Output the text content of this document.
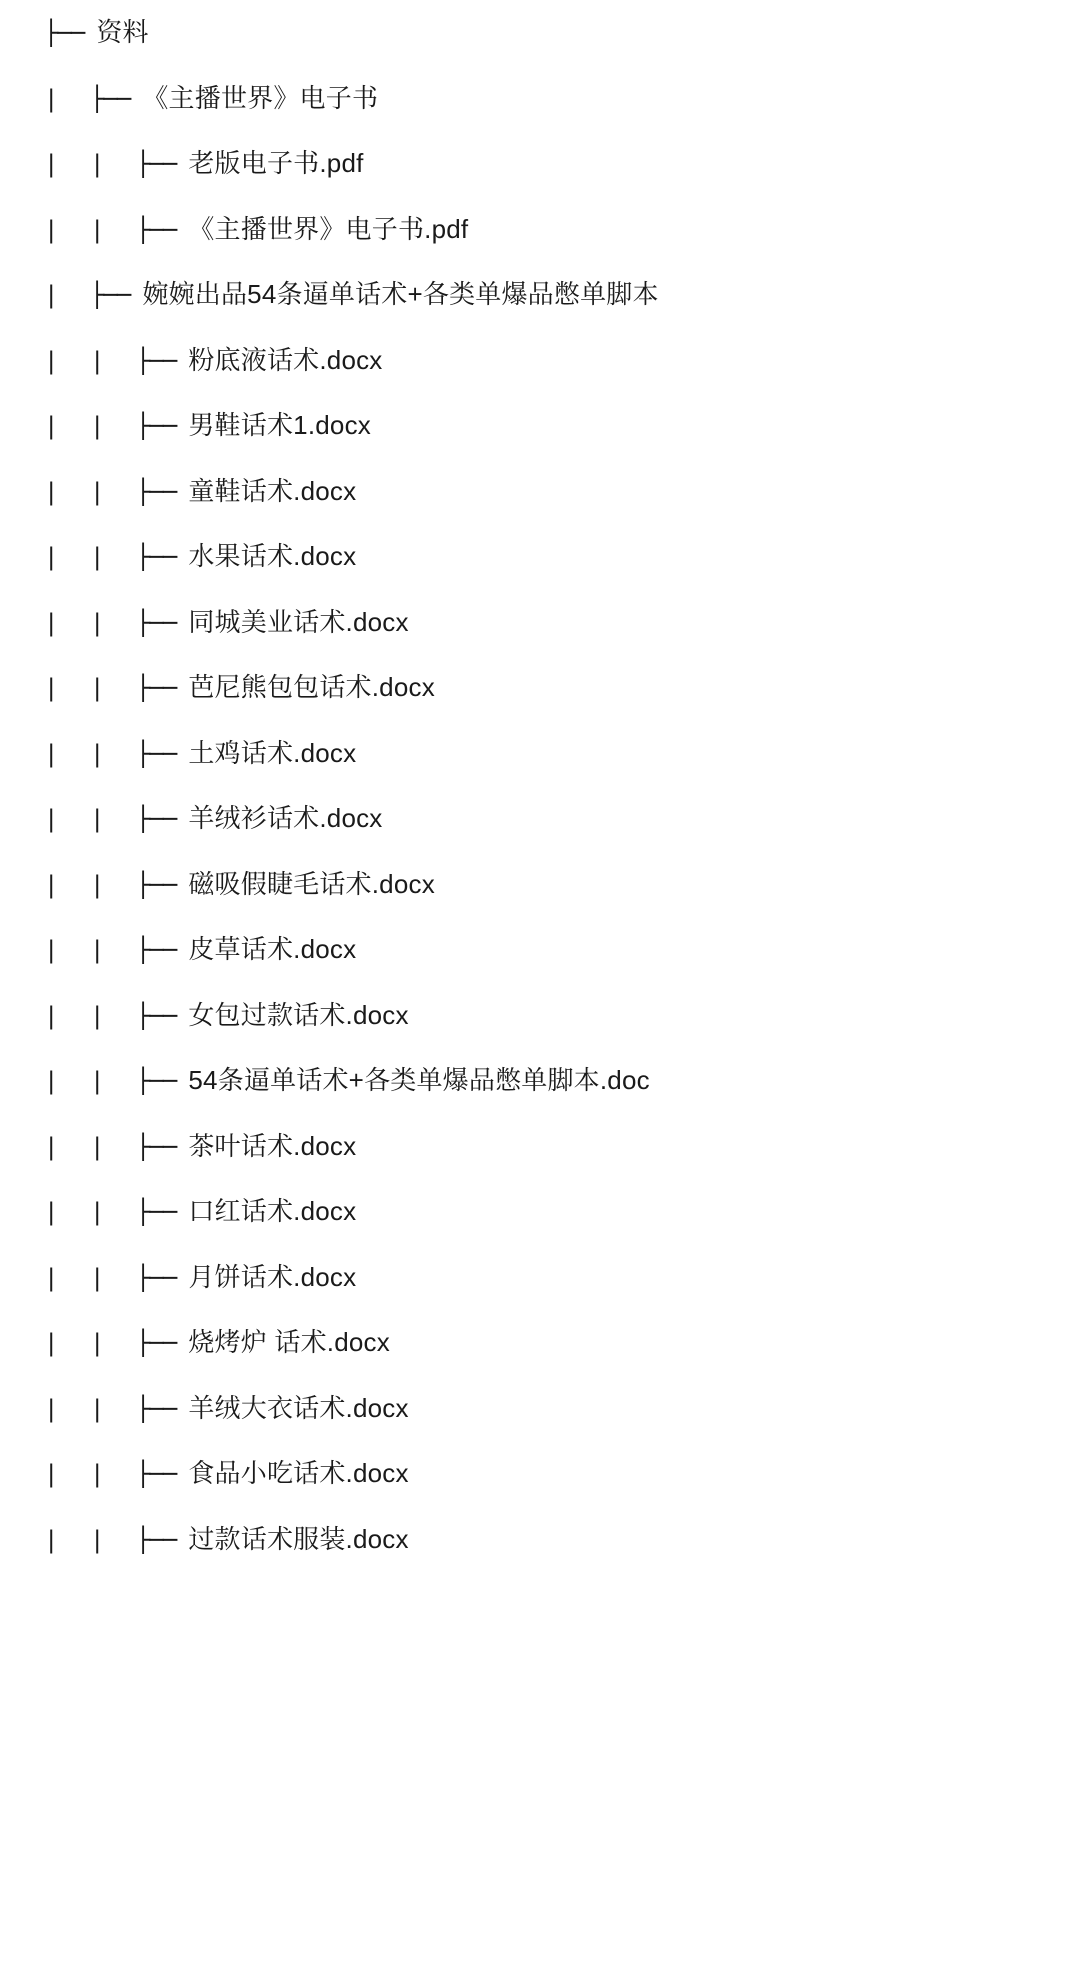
├── 资料
|	├── 《主播世界》电子书
|	|	├── 老版电子书.pdf
|	|	├── 《主播世界》电子书.pdf
|	├── 婉婉出品54条逼单话术+各类单爆品憋单脚本
|	|	├── 粉底液话术.docx
|	|	├── 男鞋话术1.docx
|	|	├── 童鞋话术.docx
|	|	├── 水果话术.docx
|	|	├── 同城美业话术.docx
|	|	├── 芭尼熊包包话术.docx
|	|	├── 土鸡话术.docx
|	|	├── 羊绒衫话术.docx
|	|	├── 磁吸假睫毛话术.docx
|	|	├── 皮草话术.docx
|	|	├── 女包过款话术.docx
|	|	├── 54条逼单话术+各类单爆品憋单脚本.doc
|	|	├── 茶叶话术.docx
|	|	├── 口红话术.docx
|	|	├── 月饼话术.docx
|	|	├── 烧烤炉 话术.docx
|	|	├── 羊绒大衣话术.docx
|	|	├── 食品小吃话术.docx
|	|	├── 过款话术服装.docx
